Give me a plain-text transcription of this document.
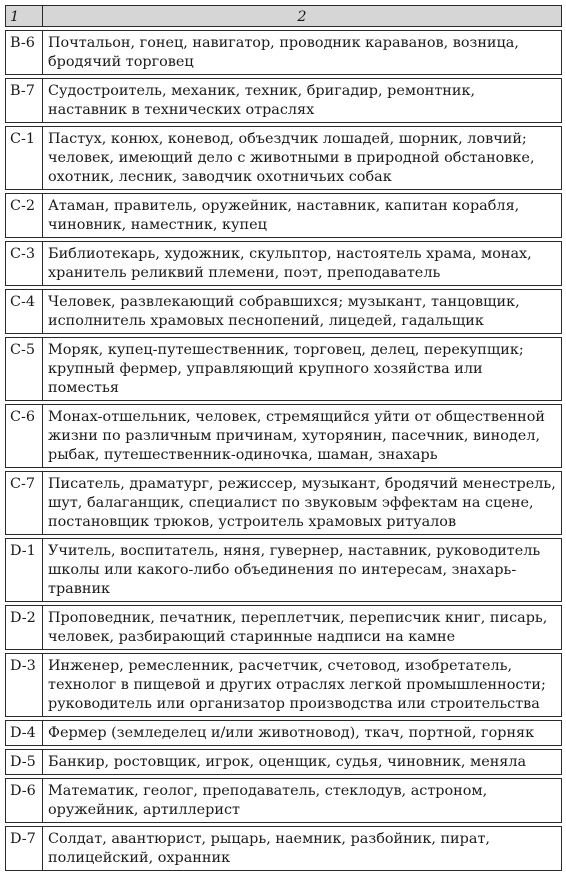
1	2
B-6	Почтальон, гонец, навигатор, проводник караванов, возница, бродячий торговец
B-7	Судостроитель, механик, техник, бригадир, ремонтник, наставник в технических отраслях
C-1	Пастух, конюх, коневод, объездчик лошадей, шорник, ловчий; человек, имеющий дело с животными в природной обстановке, охотник, лесник, заводчик охотничьих собак
C-2	Атаман, правитель, оружейник, наставник, капитан корабля, чиновник, наместник, купец
C-3	Библиотекарь, художник, скульптор, настоятель храма, монах, хранитель реликвий племени, поэт, преподаватель
C-4	Человек, развлекающий собравшихся; музыкант, танцовщик, исполнитель храмовых песнопений, лицедей, гадальщик
C-5	Моряк, купец-путешественник, торговец, делец, перекупщик; крупный фермер, управляющий крупного хозяйства или поместья
C-6	Монах-отшельник, человек, стремящийся уйти от общественной жизни по различным причинам, хуторянин, пасечник, винодел, рыбак, путешественник-одиночка, шаман, знахарь
C-7	Писатель, драматург, режиссер, музыкант, бродячий менестрель, шут, балаганщик, специалист по звуковым эффектам на сцене, постановщик трюков, устроитель храмовых ритуалов
D-1	Учитель, воспитатель, няня, гувернер, наставник, руководитель школы или какого-либо объединения по интересам, знахарь-травник
D-2	Проповедник, печатник, переплетчик, переписчик книг, писарь, человек, разбирающий старинные надписи на камне
D-3	Инженер, ремесленник, расчетчик, счетовод, изобретатель, технолог в пищевой и других отраслях легкой промышленности; руководитель или организатор производства или строительства
D-4	Фермер (земледелец и/или животновод), ткач, портной, горняк
D-5	Банкир, ростовщик, игрок, оценщик, судья, чиновник, меняла
D-6	Математик, геолог, преподаватель, стеклодув, астроном, оружейник, артиллерист
D-7	Солдат, авантюрист, рыцарь, наемник, разбойник, пират, полицейский, охранник
